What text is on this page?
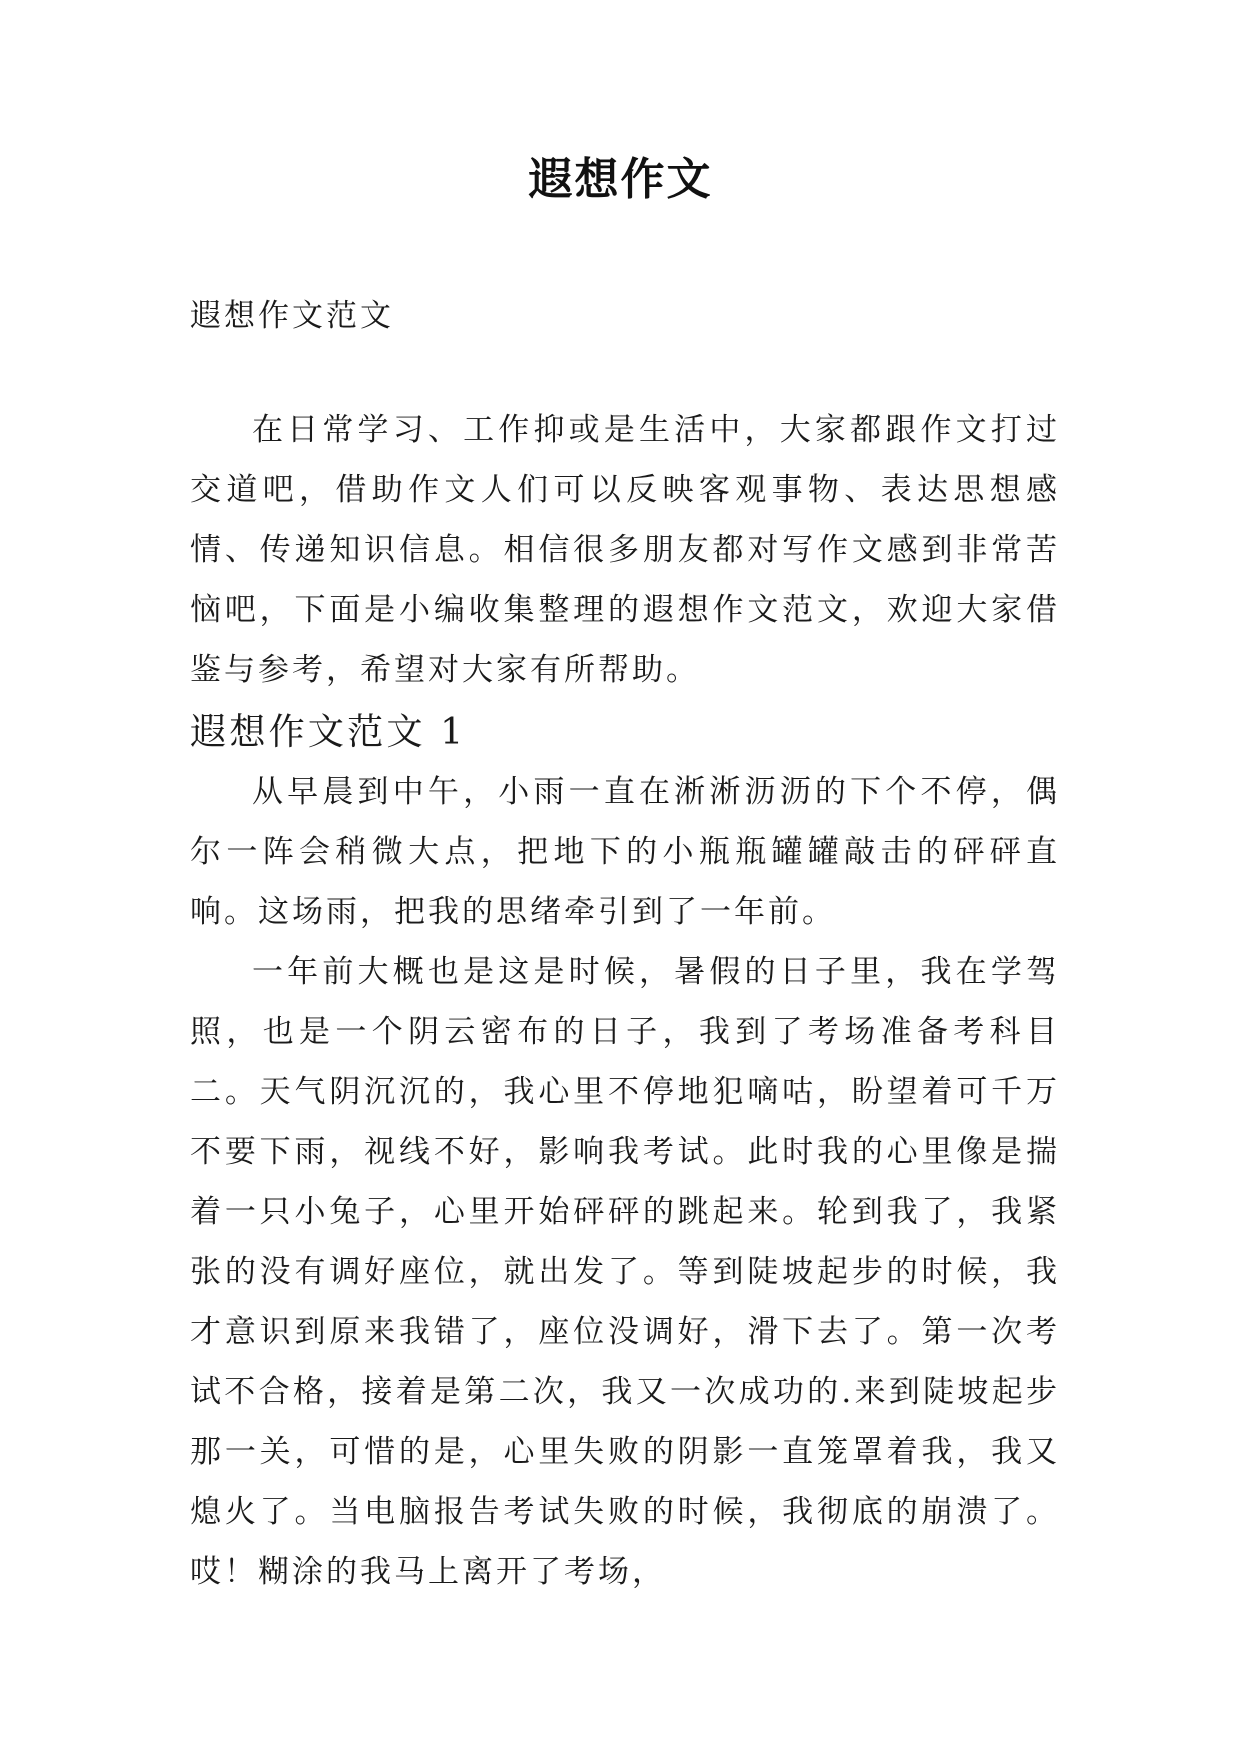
遐想作文
遐想作文范文

在日常学习、工作抑或是生活中，大家都跟作文打过交道吧，借助作文人们可以反映客观事物、表达思想感情、传递知识信息。相信很多朋友都对写作文感到非常苦恼吧，下面是小编收集整理的遐想作文范文，欢迎大家借鉴与参考，希望对大家有所帮助。

遐想作文范文 1

从早晨到中午，小雨一直在淅淅沥沥的下个不停，偶尔一阵会稍微大点，把地下的小瓶瓶罐罐敲击的砰砰直响。这场雨，把我的思绪牵引到了一年前。

一年前大概也是这是时候，暑假的日子里，我在学驾照，也是一个阴云密布的日子，我到了考场准备考科目二。天气阴沉沉的，我心里不停地犯嘀咕，盼望着可千万不要下雨，视线不好，影响我考试。此时我的心里像是揣着一只小兔子，心里开始砰砰的跳起来。轮到我了，我紧张的没有调好座位，就出发了。等到陡坡起步的时候，我才意识到原来我错了，座位没调好，滑下去了。第一次考试不合格，接着是第二次，我又一次成功的.来到陡坡起步那一关，可惜的是，心里失败的阴影一直笼罩着我，我又熄火了。当电脑报告考试失败的时候，我彻底的崩溃了。哎！糊涂的我马上离开了考场，
